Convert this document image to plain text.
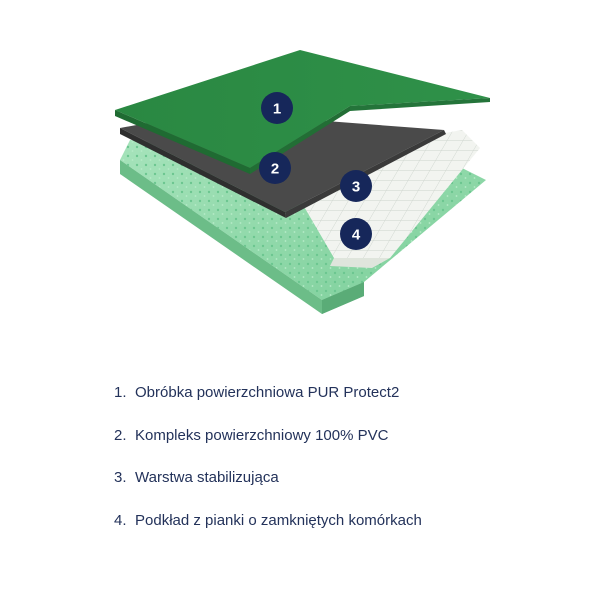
1
2
3
4
1. Obróbka powierzchniowa PUR Protect2
2. Kompleks powierzchniowy 100% PVC
3. Warstwa stabilizująca
4. Podkład z pianki o zamkniętych komórkach
